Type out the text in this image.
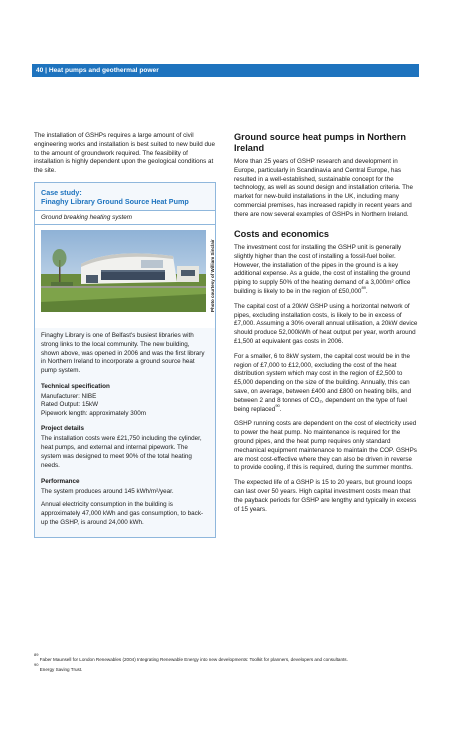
40 | Heat pumps and geothermal power

The installation of GSHPs requires a large amount of civil engineering works and installation is best suited to new build due to the amount of groundwork required. The feasibility of installation is highly dependent upon the geological conditions at the site.

Case study:
Finaghy Library Ground Source Heat Pump
Ground breaking heating system
Photo courtesy of William Sinclair

Finaghy Library is one of Belfast's busiest libraries with strong links to the local community. The new building, shown above, was opened in 2006 and was the first library in Northern Ireland to incorporate a ground source heat pump system.

Technical specification
Manufacturer: NIBE
Rated Output: 15kW
Pipework length: approximately 300m
Project details

The installation costs were £21,750 including the cylinder, heat pumps, and external and internal pipework. The system was designed to meet 90% of the total heating needs.

Performance

The system produces around 145 kWh/m²/year.

Annual electricity consumption in the building is approximately 47,000 kWh and gas consumption, to back-up the GSHP, is around 24,000 kWh.

Ground source heat pumps in Northern Ireland

More than 25 years of GSHP research and development in Europe, particularly in Scandinavia and Central Europe, has resulted in a well-established, sustainable concept for the technology, as well as sound design and installation criteria. The market for new-build installations in the UK, including many commercial premises, has increased rapidly in recent years and there are now several examples of GSHPs in Northern Ireland.

Costs and economics

The investment cost for installing the GSHP unit is generally slightly higher than the cost of installing a fossil-fuel boiler. However, the installation of the pipes in the ground is a key additional expense. As a guide, the cost of installing the ground piping to supply 50% of the heating demand of a 3,000m² office building is likely to be in the region of £50,000$^{89}$.

The capital cost of a 20kW GSHP using a horizontal network of pipes, excluding installation costs, is likely to be in excess of £7,000. Assuming a 30% overall annual utilisation, a 20kW device should produce 52,000kWh of heat output per year, worth around £1,500 at equivalent gas costs in 2006.

For a smaller, 6 to 8kW system, the capital cost would be in the region of £7,000 to £12,000, excluding the cost of the heat distribution system which may cost in the region of £2,500 to £5,000 depending on the size of the building. Annually, this can save, on average, between £400 and £800 on heating bills, and between 2 and 8 tonnes of CO₂, dependent on the type of fuel being replaced$^{90}$.

GSHP running costs are dependent on the cost of electricity used to power the heat pump. No maintenance is required for the ground pipes, and the heat pump requires only standard mechanical equipment maintenance to maintain the COP. GSHPs are most cost-effective where they can also be driven in reverse to provide cooling, if this is required, during the summer months.

The expected life of a GSHP is 15 to 20 years, but ground loops can last over 50 years. High capital investment costs mean that the payback periods for GSHP are lengthy and typically in excess of 15 years.

$^{89}$ Faber Maunsell for London Renewables (2004) Integrating Renewable Energy into new developments: Toolkit for planners, developers and consultants.
$^{90}$ Energy Saving Trust.
